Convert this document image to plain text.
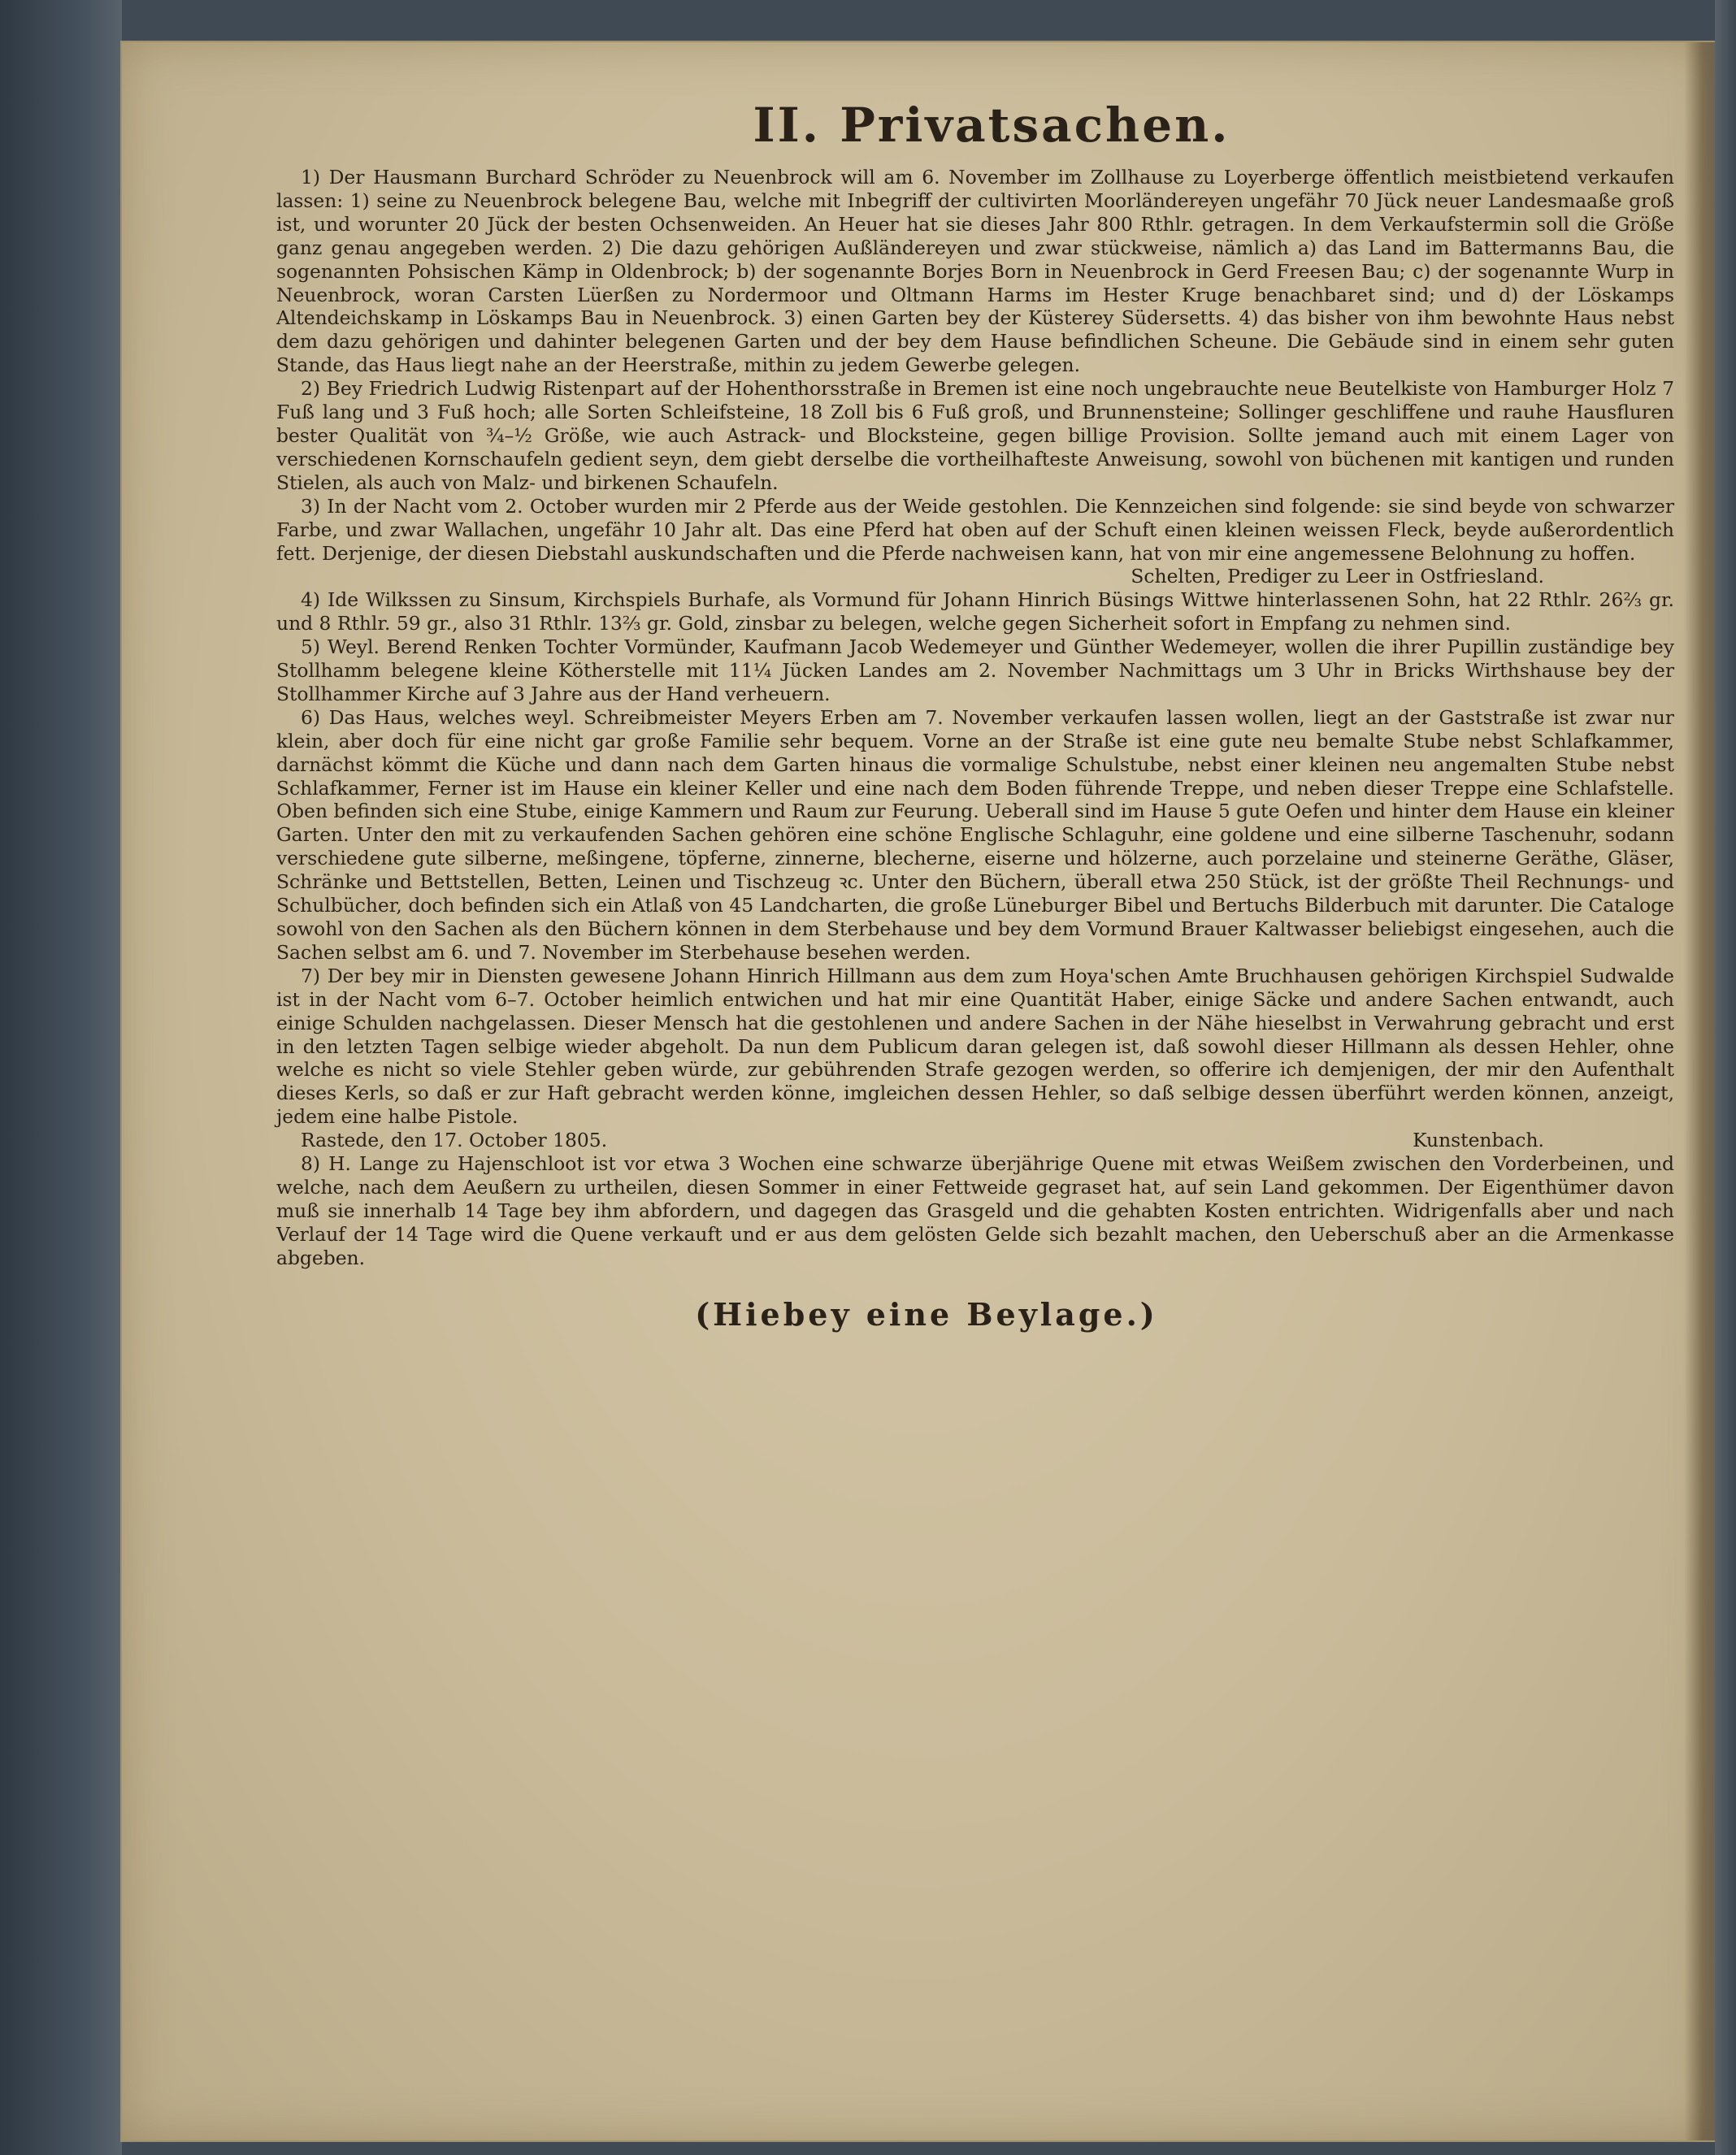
II. Privatsachen.

1) Der Hausmann Burchard Schröder zu Neuenbrock will am 6. November im Zollhause zu Loyerberge öffentlich meistbietend verkaufen lassen: 1) seine zu Neuenbrock belegene Bau, welche mit Inbegriff der cultivirten Moorländereyen ungefähr 70 Jück neuer Landesmaaße groß ist, und worunter 20 Jück der besten Ochsenweiden. An Heuer hat sie dieses Jahr 800 Rthlr. getragen. In dem Verkaufstermin soll die Größe ganz genau angegeben werden. 2) Die dazu gehörigen Außländereyen und zwar stückweise, nämlich a) das Land im Battermanns Bau, die sogenannten Pohsischen Kämp in Oldenbrock; b) der sogenannte Borjes Born in Neuenbrock in Gerd Freesen Bau; c) der sogenannte Wurp in Neuenbrock, woran Carsten Lüerßen zu Nordermoor und Oltmann Harms im Hester Kruge benachbaret sind; und d) der Löskamps Altendeichskamp in Löskamps Bau in Neuenbrock. 3) einen Garten bey der Küsterey Südersetts. 4) das bisher von ihm bewohnte Haus nebst dem dazu gehörigen und dahinter belegenen Garten und der bey dem Hause befindlichen Scheune. Die Gebäude sind in einem sehr guten Stande, das Haus liegt nahe an der Heerstraße, mithin zu jedem Gewerbe gelegen.

2) Bey Friedrich Ludwig Ristenpart auf der Hohenthorsstraße in Bremen ist eine noch ungebrauchte neue Beutelkiste von Hamburger Holz 7 Fuß lang und 3 Fuß hoch; alle Sorten Schleifsteine, 18 Zoll bis 6 Fuß groß, und Brunnensteine; Sollinger geschliffene und rauhe Hausfluren bester Qualität von ¾–½ Größe, wie auch Astrack- und Blocksteine, gegen billige Provision. Sollte jemand auch mit einem Lager von verschiedenen Kornschaufeln gedient seyn, dem giebt derselbe die vortheilhafteste Anweisung, sowohl von büchenen mit kantigen und runden Stielen, als auch von Malz- und birkenen Schaufeln.

3) In der Nacht vom 2. October wurden mir 2 Pferde aus der Weide gestohlen. Die Kennzeichen sind folgende: sie sind beyde von schwarzer Farbe, und zwar Wallachen, ungefähr 10 Jahr alt. Das eine Pferd hat oben auf der Schuft einen kleinen weissen Fleck, beyde außerordentlich fett. Derjenige, der diesen Diebstahl auskundschaften und die Pferde nachweisen kann, hat von mir eine angemessene Belohnung zu hoffen.

Schelten, Prediger zu Leer in Ostfriesland.

4) Ide Wilkssen zu Sinsum, Kirchspiels Burhafe, als Vormund für Johann Hinrich Büsings Wittwe hinterlassenen Sohn, hat 22 Rthlr. 26⅔ gr. und 8 Rthlr. 59 gr., also 31 Rthlr. 13⅔ gr. Gold, zinsbar zu belegen, welche gegen Sicherheit sofort in Empfang zu nehmen sind.

5) Weyl. Berend Renken Tochter Vormünder, Kaufmann Jacob Wedemeyer und Günther Wedemeyer, wollen die ihrer Pupillin zuständige bey Stollhamm belegene kleine Kötherstelle mit 11¼ Jücken Landes am 2. November Nachmittags um 3 Uhr in Bricks Wirthshause bey der Stollhammer Kirche auf 3 Jahre aus der Hand verheuern.

6) Das Haus, welches weyl. Schreibmeister Meyers Erben am 7. November verkaufen lassen wollen, liegt an der Gaststraße ist zwar nur klein, aber doch für eine nicht gar große Familie sehr bequem. Vorne an der Straße ist eine gute neu bemalte Stube nebst Schlafkammer, darnächst kömmt die Küche und dann nach dem Garten hinaus die vormalige Schulstube, nebst einer kleinen neu angemalten Stube nebst Schlafkammer, Ferner ist im Hause ein kleiner Keller und eine nach dem Boden führende Treppe, und neben dieser Treppe eine Schlafstelle. Oben befinden sich eine Stube, einige Kammern und Raum zur Feurung. Ueberall sind im Hause 5 gute Oefen und hinter dem Hause ein kleiner Garten. Unter den mit zu verkaufenden Sachen gehören eine schöne Englische Schlaguhr, eine goldene und eine silberne Taschenuhr, sodann verschiedene gute silberne, meßingene, töpferne, zinnerne, blecherne, eiserne und hölzerne, auch porzelaine und steinerne Geräthe, Gläser, Schränke und Bettstellen, Betten, Leinen und Tischzeug ꝛc. Unter den Büchern, überall etwa 250 Stück, ist der größte Theil Rechnungs- und Schulbücher, doch befinden sich ein Atlaß von 45 Landcharten, die große Lüneburger Bibel und Bertuchs Bilderbuch mit darunter. Die Cataloge sowohl von den Sachen als den Büchern können in dem Sterbehause und bey dem Vormund Brauer Kaltwasser beliebigst eingesehen, auch die Sachen selbst am 6. und 7. November im Sterbehause besehen werden.

7) Der bey mir in Diensten gewesene Johann Hinrich Hillmann aus dem zum Hoya'schen Amte Bruchhausen gehörigen Kirchspiel Sudwalde ist in der Nacht vom 6–7. October heimlich entwichen und hat mir eine Quantität Haber, einige Säcke und andere Sachen entwandt, auch einige Schulden nachgelassen. Dieser Mensch hat die gestohlenen und andere Sachen in der Nähe hieselbst in Verwahrung gebracht und erst in den letzten Tagen selbige wieder abgeholt. Da nun dem Publicum daran gelegen ist, daß sowohl dieser Hillmann als dessen Hehler, ohne welche es nicht so viele Stehler geben würde, zur gebührenden Strafe gezogen werden, so offerire ich demjenigen, der mir den Aufenthalt dieses Kerls, so daß er zur Haft gebracht werden könne, imgleichen dessen Hehler, so daß selbige dessen überführt werden können, anzeigt, jedem eine halbe Pistole.

Rastede, den 17. October 1805.	Kunstenbach.

8) H. Lange zu Hajenschloot ist vor etwa 3 Wochen eine schwarze überjährige Quene mit etwas Weißem zwischen den Vorderbeinen, und welche, nach dem Aeußern zu urtheilen, diesen Sommer in einer Fettweide gegraset hat, auf sein Land gekommen. Der Eigenthümer davon muß sie innerhalb 14 Tage bey ihm abfordern, und dagegen das Grasgeld und die gehabten Kosten entrichten. Widrigenfalls aber und nach Verlauf der 14 Tage wird die Quene verkauft und er aus dem gelösten Gelde sich bezahlt machen, den Ueberschuß aber an die Armenkasse abgeben.

(Hiebey eine Beylage.)
